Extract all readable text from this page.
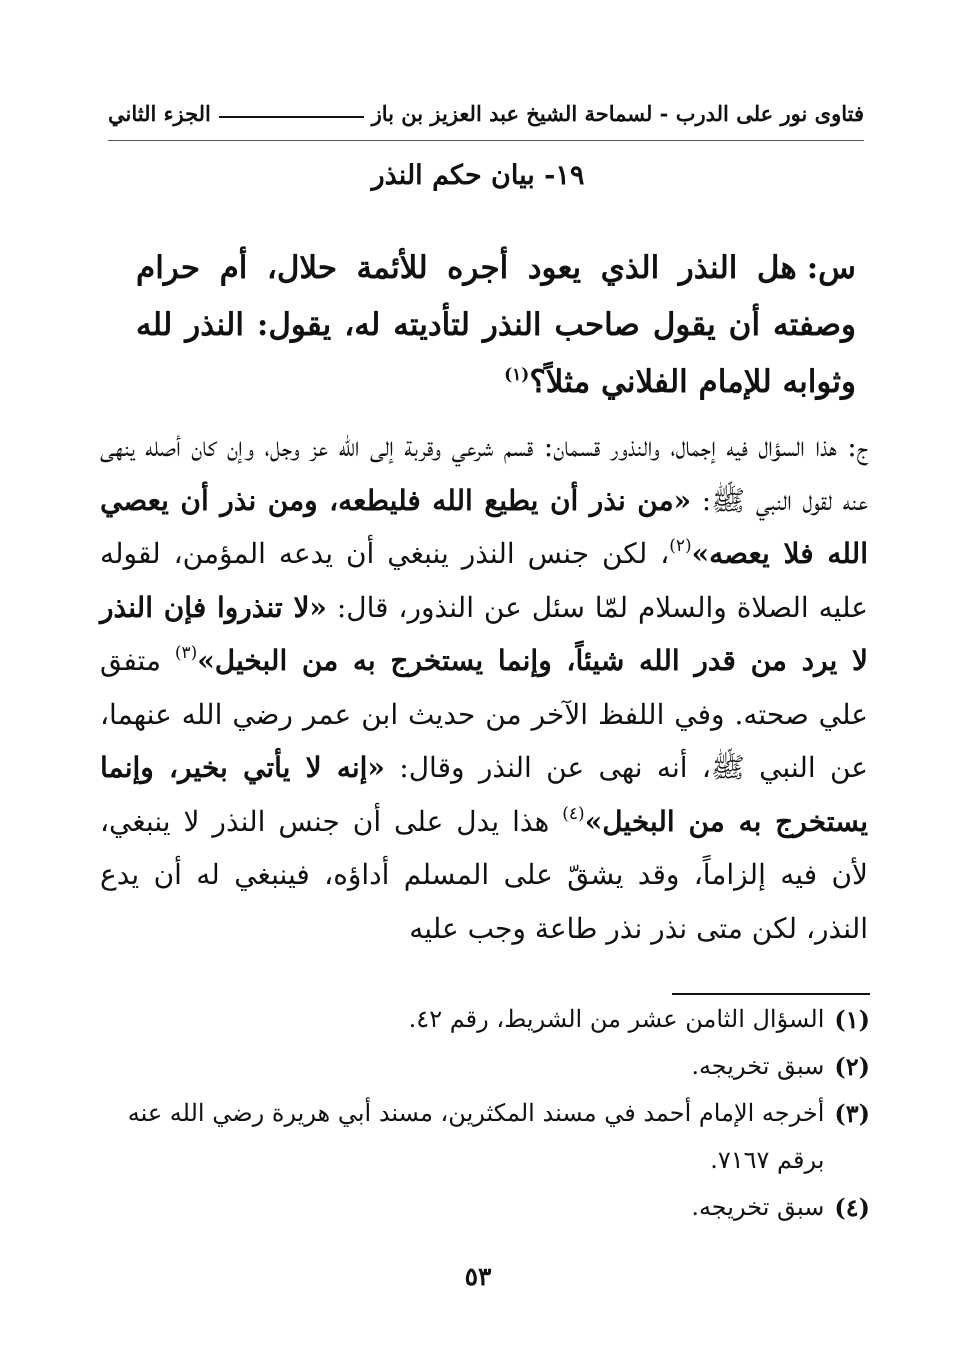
فتاوى نور على الدرب - لسماحة الشيخ عبد العزيز بن باز
الجزء الثاني
١٩- بيان حكم النذر
س:هل النذر الذي يعود أجره للأئمة حلال، أم حرام وصفته أن يقول صاحب النذر لتأديته له، يقول: النذر لله وثوابه للإمام الفلاني مثلاً؟$^{(١)}$
ج: هذا السؤال فيه إجمال، والنذور قسمان: قسم شرعي وقربة إلى الله عز وجل، وإن كان أصله ينهى عنه لقول النبي ﷺ: «من نذر أن يطيع الله فليطعه، ومن نذر أن يعصي الله فلا يعصه»$^{(٢)}$، لكن جنس النذر ينبغي أن يدعه المؤمن، لقوله عليه الصلاة والسلام لمّا سئل عن النذور، قال: «لا تنذروا فإن النذر لا يرد من قدر الله شيئاً، وإنما يستخرج به من البخيل»$^{(٣)}$ متفق علي صحته. وفي اللفظ الآخر من حديث ابن عمر رضي الله عنهما، عن النبي ﷺ، أنه نهى عن النذر وقال: «إنه لا يأتي بخير، وإنما يستخرج به من البخيل»$^{(٤)}$ هذا يدل على أن جنس النذر لا ينبغي، لأن فيه إلزاماً، وقد يشقّ على المسلم أداؤه، فينبغي له أن يدع النذر، لكن متى نذر نذر طاعة وجب عليه
(١)
السؤال الثامن عشر من الشريط، رقم ٤٢.
(٢)
سبق تخريجه.
(٣)
أخرجه الإمام أحمد في مسند المكثرين، مسند أبي هريرة رضي الله عنه برقم ٧١٦٧.
(٤)
سبق تخريجه.
٥٣
